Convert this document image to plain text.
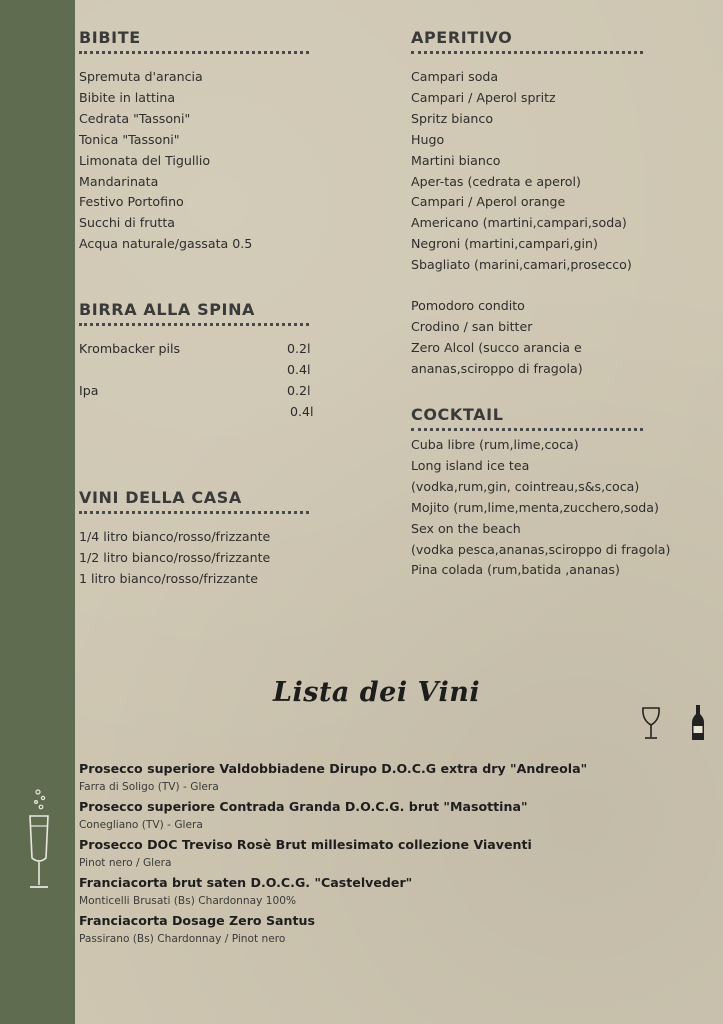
BIBITE
Spremuta d'arancia
Bibite in lattina
Cedrata "Tassoni"
Tonica "Tassoni"
Limonata del Tigullio
Mandarinata
Festivo Portofino
Succhi di frutta
Acqua naturale/gassata 0.5
BIRRA ALLA SPINA
Krombacker pils	0.2l
0.4l
Ipa	0.2l
0.4l
VINI DELLA CASA
1/4 litro bianco/rosso/frizzante
1/2 litro bianco/rosso/frizzante
1 litro bianco/rosso/frizzante
APERITIVO
Campari soda
Campari / Aperol spritz
Spritz bianco
Hugo
Martini bianco
Aper-tas (cedrata e aperol)
Campari / Aperol orange
Americano (martini,campari,soda)
Negroni (martini,campari,gin)
Sbagliato (marini,camari,prosecco)
Pomodoro condito
Crodino / san bitter
Zero Alcol (succo arancia e
ananas,sciroppo di fragola)
COCKTAIL
Cuba libre (rum,lime,coca)
Long island ice tea
(vodka,rum,gin, cointreau,s&s,coca)
Mojito (rum,lime,menta,zucchero,soda)
Sex on the beach
(vodka pesca,ananas,sciroppo di fragola)
Pina colada (rum,batida ,ananas)
Lista dei Vini
Prosecco superiore Valdobbiadene Dirupo D.O.C.G extra dry "Andreola"
Farra di Soligo (TV) - Glera
Prosecco superiore Contrada Granda D.O.C.G. brut "Masottina"
Conegliano (TV) - Glera
Prosecco DOC Treviso Rosè Brut millesimato collezione Viaventi
Pinot nero / Glera
Franciacorta brut saten D.O.C.G. "Castelveder"
Monticelli Brusati (Bs) Chardonnay 100%
Franciacorta Dosage Zero Santus
Passirano (Bs) Chardonnay / Pinot nero
